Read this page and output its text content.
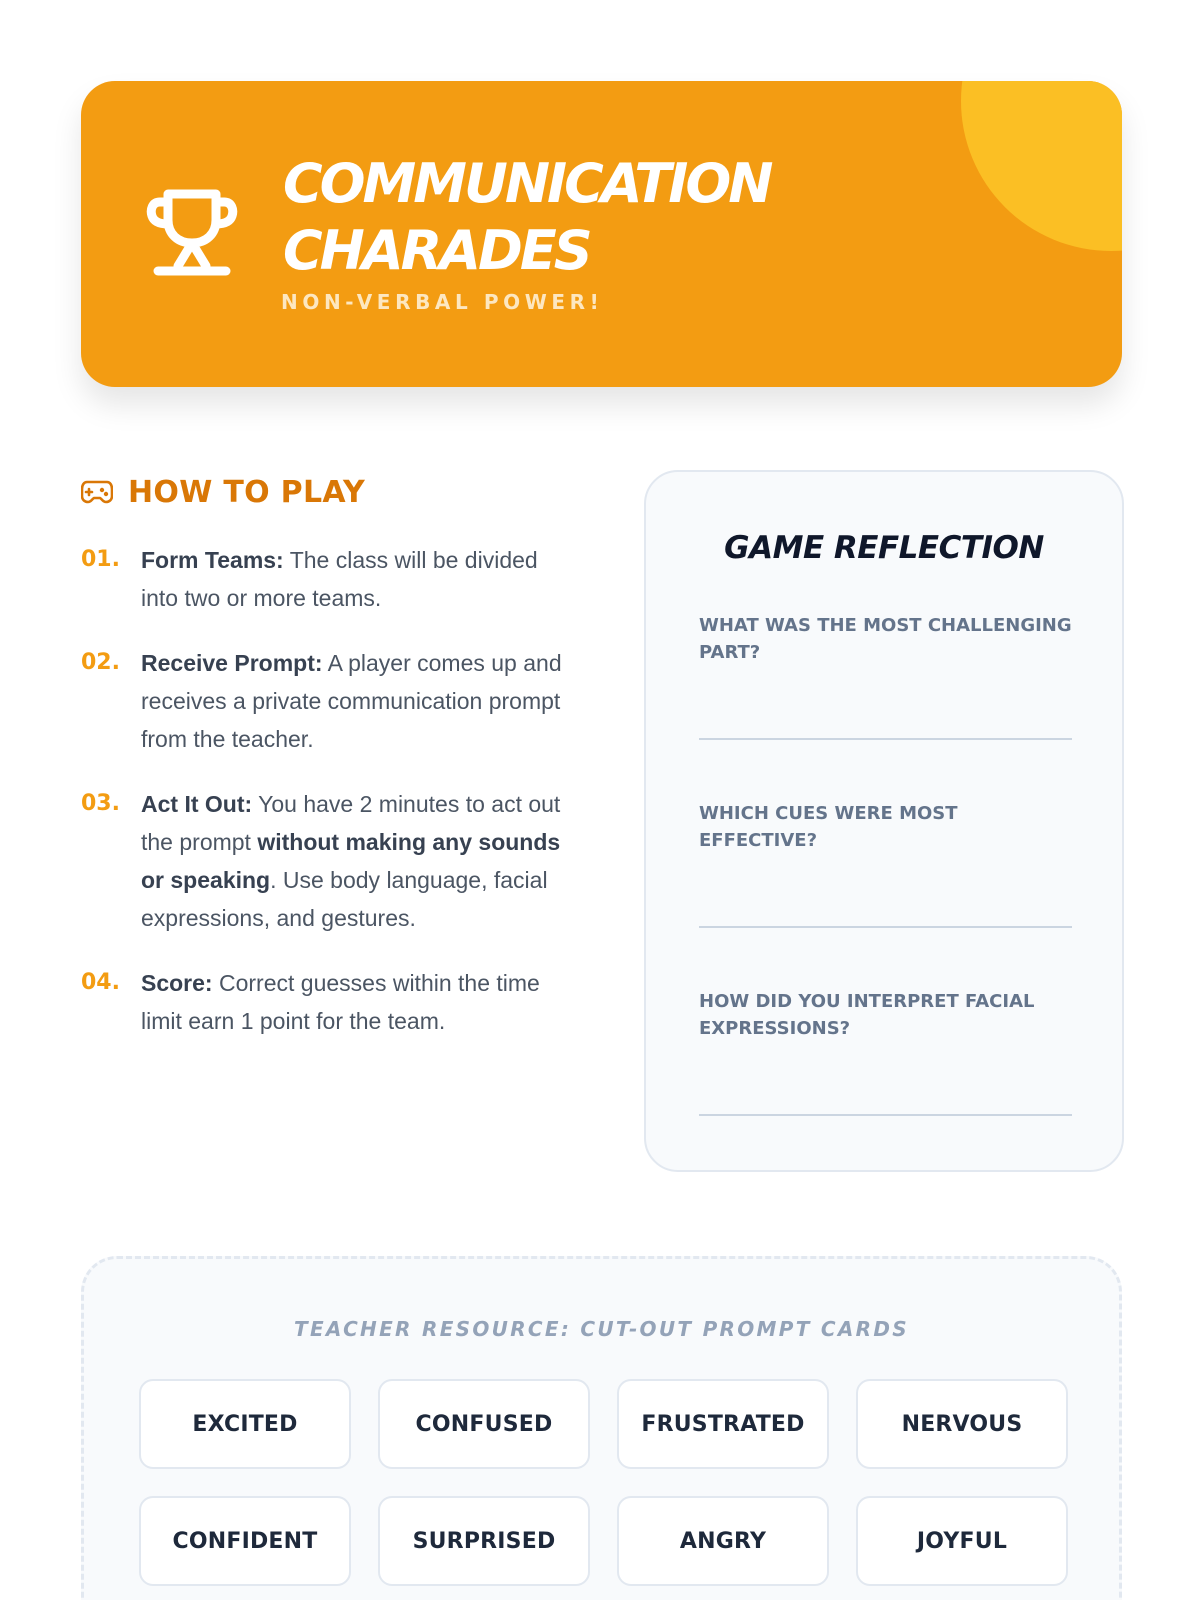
COMMUNICATION CHARADES
NON-VERBAL POWER!
HOW TO PLAY
01. Form Teams: The class will be divided into two or more teams.
02. Receive Prompt: A player comes up and receives a private communication prompt from the teacher.
03. Act It Out: You have 2 minutes to act out the prompt without making any sounds or speaking. Use body language, facial expressions, and gestures.
04. Score: Correct guesses within the time limit earn 1 point for the team.
GAME REFLECTION
WHAT WAS THE MOST CHALLENGING PART?
WHICH CUES WERE MOST EFFECTIVE?
HOW DID YOU INTERPRET FACIAL EXPRESSIONS?
TEACHER RESOURCE: CUT-OUT PROMPT CARDS
EXCITED	CONFUSED	FRUSTRATED	NERVOUS
CONFIDENT	SURPRISED	ANGRY	JOYFUL
